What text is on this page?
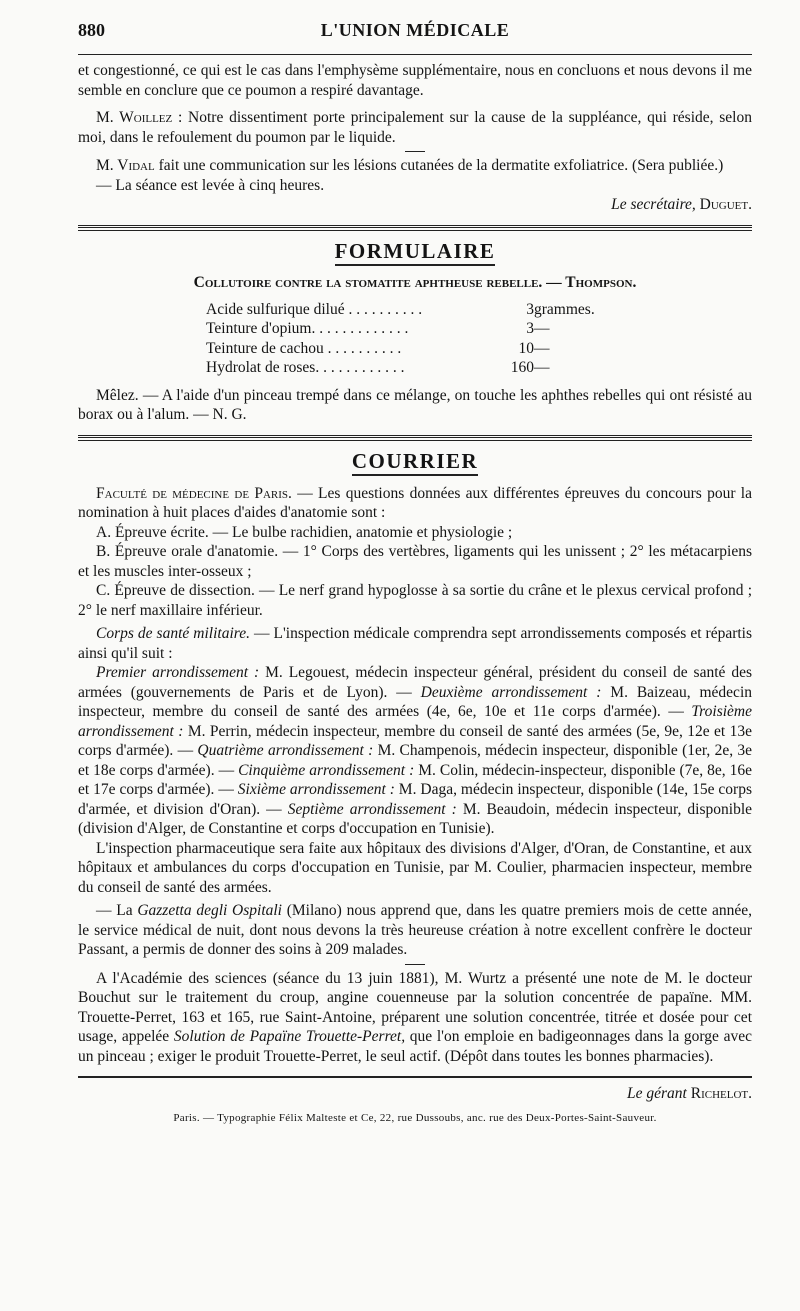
880	L'UNION MÉDICALE

et congestionné, ce qui est le cas dans l'emphysème supplémentaire, nous en concluons et nous devons il me semble en conclure que ce poumon a respiré davantage.

M. Woillez : Notre dissentiment porte principalement sur la cause de la suppléance, qui réside, selon moi, dans le refoulement du poumon par le liquide.

M. Vidal fait une communication sur les lésions cutanées de la dermatite exfoliatrice. (Sera publiée.)

— La séance est levée à cinq heures.

Le secrétaire, Duguet.

FORMULAIRE
Collutoire contre la stomatite aphtheuse rebelle. — Thompson.
Acide sulfurique dilué . . . . . . . . . .	3	grammes.
Teinture d'opium. . . . . . . . . . . . .	3	—
Teinture de cachou . . . . . . . . . .	10	—
Hydrolat de roses. . . . . . . . . . . .	160	—

Mêlez. — A l'aide d'un pinceau trempé dans ce mélange, on touche les aphthes rebelles qui ont résisté au borax ou à l'alum. — N. G.

COURRIER

Faculté de médecine de Paris. — Les questions données aux différentes épreuves du concours pour la nomination à huit places d'aides d'anatomie sont :

A. Épreuve écrite. — Le bulbe rachidien, anatomie et physiologie ;

B. Épreuve orale d'anatomie. — 1° Corps des vertèbres, ligaments qui les unissent ; 2° les métacarpiens et les muscles inter-osseux ;

C. Épreuve de dissection. — Le nerf grand hypoglosse à sa sortie du crâne et le plexus cervical profond ; 2° le nerf maxillaire inférieur.

Corps de santé militaire. — L'inspection médicale comprendra sept arrondissements composés et répartis ainsi qu'il suit :

Premier arrondissement : M. Legouest, médecin inspecteur général, président du conseil de santé des armées (gouvernements de Paris et de Lyon). — Deuxième arrondissement : M. Baizeau, médecin inspecteur, membre du conseil de santé des armées (4e, 6e, 10e et 11e corps d'armée). — Troisième arrondissement : M. Perrin, médecin inspecteur, membre du conseil de santé des armées (5e, 9e, 12e et 13e corps d'armée). — Quatrième arrondissement : M. Champenois, médecin inspecteur, disponible (1er, 2e, 3e et 18e corps d'armée). — Cinquième arrondissement : M. Colin, médecin-inspecteur, disponible (7e, 8e, 16e et 17e corps d'armée). — Sixième arrondissement : M. Daga, médecin inspecteur, disponible (14e, 15e corps d'armée, et division d'Oran). — Septième arrondissement : M. Beaudoin, médecin inspecteur, disponible (division d'Alger, de Constantine et corps d'occupation en Tunisie).

L'inspection pharmaceutique sera faite aux hôpitaux des divisions d'Alger, d'Oran, de Constantine, et aux hôpitaux et ambulances du corps d'occupation en Tunisie, par M. Coulier, pharmacien inspecteur, membre du conseil de santé des armées.

— La Gazzetta degli Ospitali (Milano) nous apprend que, dans les quatre premiers mois de cette année, le service médical de nuit, dont nous devons la très heureuse création à notre excellent confrère le docteur Passant, a permis de donner des soins à 209 malades.

A l'Académie des sciences (séance du 13 juin 1881), M. Wurtz a présenté une note de M. le docteur Bouchut sur le traitement du croup, angine couenneuse par la solution concentrée de papaïne. MM. Trouette-Perret, 163 et 165, rue Saint-Antoine, préparent une solution concentrée, titrée et dosée pour cet usage, appelée Solution de Papaïne Trouette-Perret, que l'on emploie en badigeonnages dans la gorge avec un pinceau ; exiger le produit Trouette-Perret, le seul actif. (Dépôt dans toutes les bonnes pharmacies).

Le gérant Richelot.

Paris. — Typographie Félix Malteste et Ce, 22, rue Dussoubs, anc. rue des Deux-Portes-Saint-Sauveur.
